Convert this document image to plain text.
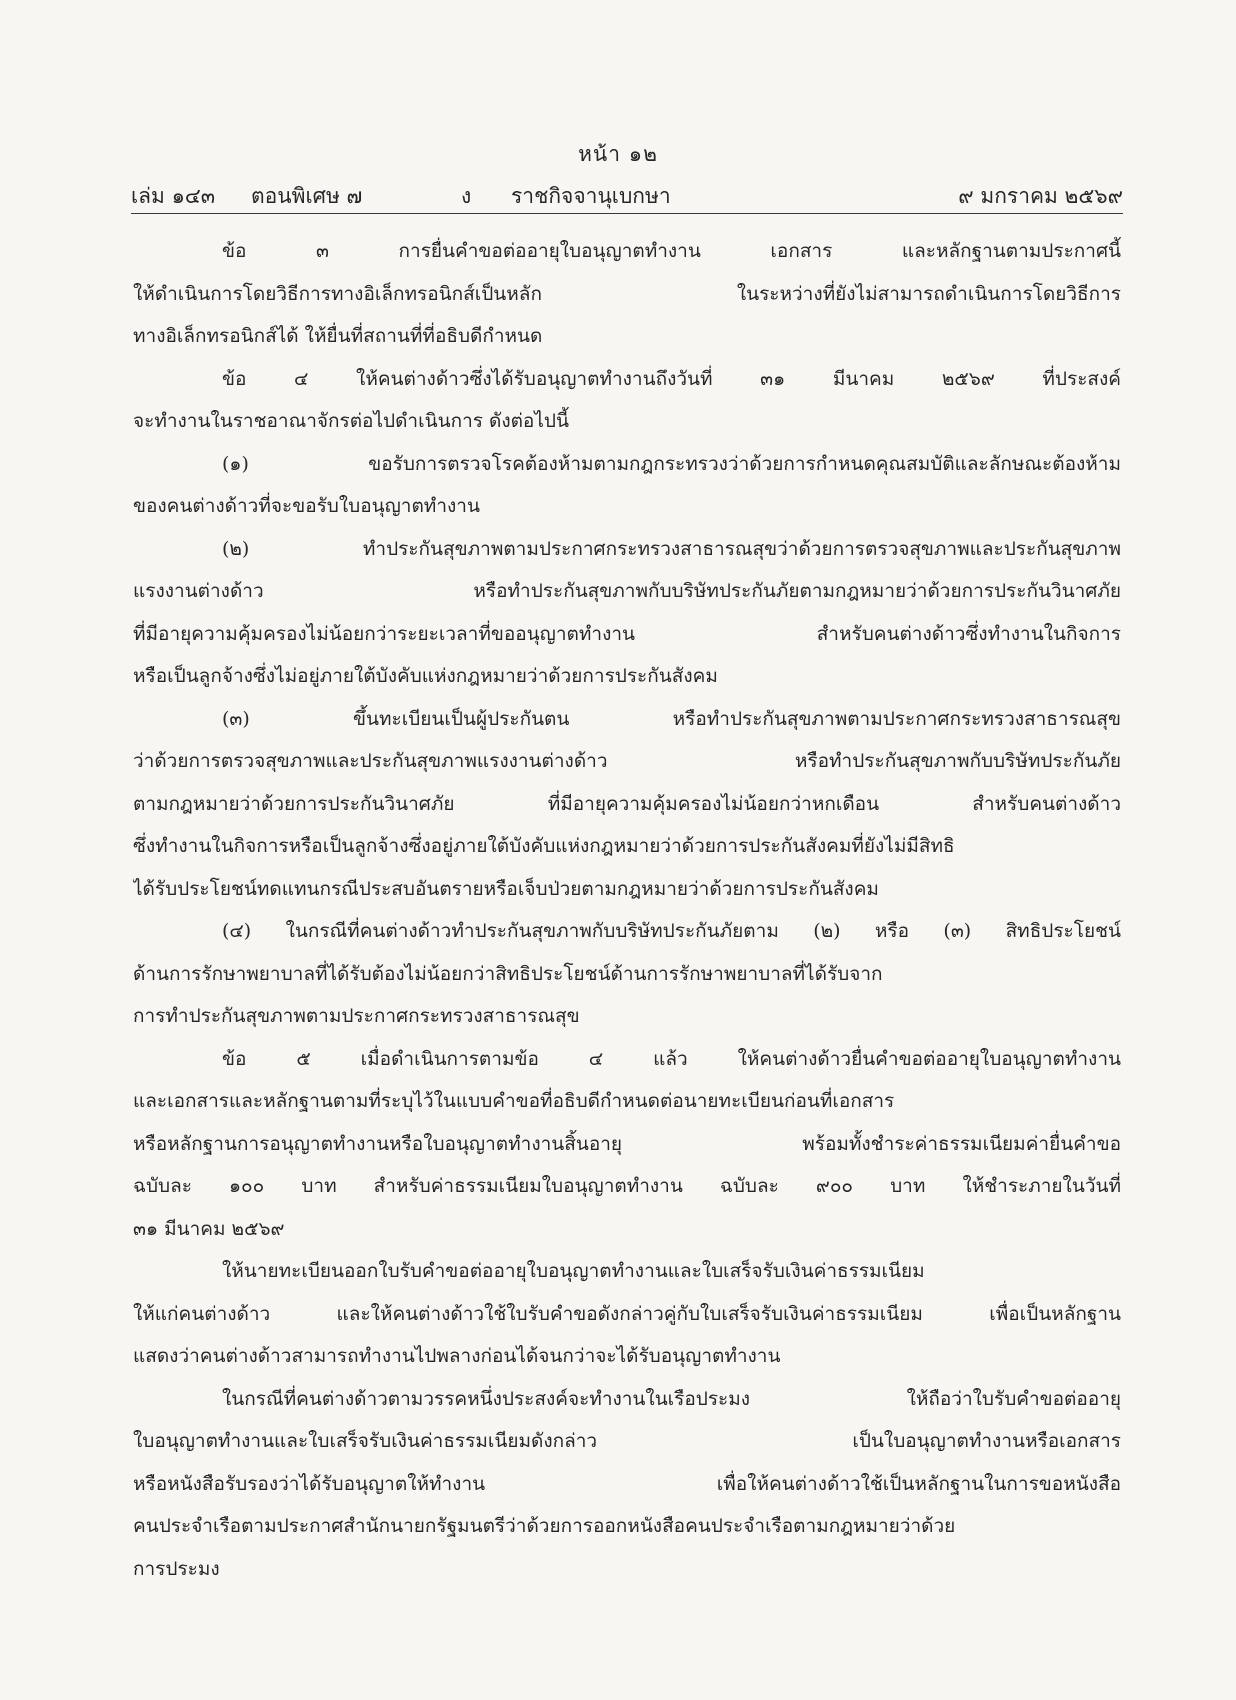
หน้า ๑๒
เล่ม ๑๔๓ ตอนพิเศษ ๗	ง ราชกิจจานุเบกษา	๙ มกราคม ๒๕๖๙
ข้อ ๓ การยื่นคำขอต่ออายุใบอนุญาตทำงาน เอกสาร และหลักฐานตามประกาศนี้
ให้ดำเนินการโดยวิธีการทางอิเล็กทรอนิกส์เป็นหลัก ในระหว่างที่ยังไม่สามารถดำเนินการโดยวิธีการ
ทางอิเล็กทรอนิกส์ได้ ให้ยื่นที่สถานที่ที่อธิบดีกำหนด
ข้อ ๔ ให้คนต่างด้าวซึ่งได้รับอนุญาตทำงานถึงวันที่ ๓๑ มีนาคม ๒๕๖๙ ที่ประสงค์
จะทำงานในราชอาณาจักรต่อไปดำเนินการ ดังต่อไปนี้
(๑) ขอรับการตรวจโรคต้องห้ามตามกฎกระทรวงว่าด้วยการกำหนดคุณสมบัติและลักษณะต้องห้าม
ของคนต่างด้าวที่จะขอรับใบอนุญาตทำงาน
(๒) ทำประกันสุขภาพตามประกาศกระทรวงสาธารณสุขว่าด้วยการตรวจสุขภาพและประกันสุขภาพ
แรงงานต่างด้าว หรือทำประกันสุขภาพกับบริษัทประกันภัยตามกฎหมายว่าด้วยการประกันวินาศภัย
ที่มีอายุความคุ้มครองไม่น้อยกว่าระยะเวลาที่ขออนุญาตทำงาน สำหรับคนต่างด้าวซึ่งทำงานในกิจการ
หรือเป็นลูกจ้างซึ่งไม่อยู่ภายใต้บังคับแห่งกฎหมายว่าด้วยการประกันสังคม
(๓) ขึ้นทะเบียนเป็นผู้ประกันตน หรือทำประกันสุขภาพตามประกาศกระทรวงสาธารณสุข
ว่าด้วยการตรวจสุขภาพและประกันสุขภาพแรงงานต่างด้าว หรือทำประกันสุขภาพกับบริษัทประกันภัย
ตามกฎหมายว่าด้วยการประกันวินาศภัย ที่มีอายุความคุ้มครองไม่น้อยกว่าหกเดือน สำหรับคนต่างด้าว
ซึ่งทำงานในกิจการหรือเป็นลูกจ้างซึ่งอยู่ภายใต้บังคับแห่งกฎหมายว่าด้วยการประกันสังคมที่ยังไม่มีสิทธิ
ได้รับประโยชน์ทดแทนกรณีประสบอันตรายหรือเจ็บป่วยตามกฎหมายว่าด้วยการประกันสังคม
(๔) ในกรณีที่คนต่างด้าวทำประกันสุขภาพกับบริษัทประกันภัยตาม (๒) หรือ (๓) สิทธิประโยชน์
ด้านการรักษาพยาบาลที่ได้รับต้องไม่น้อยกว่าสิทธิประโยชน์ด้านการรักษาพยาบาลที่ได้รับจาก
การทำประกันสุขภาพตามประกาศกระทรวงสาธารณสุข
ข้อ ๕ เมื่อดำเนินการตามข้อ ๔ แล้ว ให้คนต่างด้าวยื่นคำขอต่ออายุใบอนุญาตทำงาน
และเอกสารและหลักฐานตามที่ระบุไว้ในแบบคำขอที่อธิบดีกำหนดต่อนายทะเบียนก่อนที่เอกสาร
หรือหลักฐานการอนุญาตทำงานหรือใบอนุญาตทำงานสิ้นอายุ พร้อมทั้งชำระค่าธรรมเนียมค่ายื่นคำขอ
ฉบับละ ๑๐๐ บาท สำหรับค่าธรรมเนียมใบอนุญาตทำงาน ฉบับละ ๙๐๐ บาท ให้ชำระภายในวันที่
๓๑ มีนาคม ๒๕๖๙
ให้นายทะเบียนออกใบรับคำขอต่ออายุใบอนุญาตทำงานและใบเสร็จรับเงินค่าธรรมเนียม
ให้แก่คนต่างด้าว และให้คนต่างด้าวใช้ใบรับคำขอดังกล่าวคู่กับใบเสร็จรับเงินค่าธรรมเนียม เพื่อเป็นหลักฐาน
แสดงว่าคนต่างด้าวสามารถทำงานไปพลางก่อนได้จนกว่าจะได้รับอนุญาตทำงาน
ในกรณีที่คนต่างด้าวตามวรรคหนึ่งประสงค์จะทำงานในเรือประมง ให้ถือว่าใบรับคำขอต่ออายุ
ใบอนุญาตทำงานและใบเสร็จรับเงินค่าธรรมเนียมดังกล่าว เป็นใบอนุญาตทำงานหรือเอกสาร
หรือหนังสือรับรองว่าได้รับอนุญาตให้ทำงาน เพื่อให้คนต่างด้าวใช้เป็นหลักฐานในการขอหนังสือ
คนประจำเรือตามประกาศสำนักนายกรัฐมนตรีว่าด้วยการออกหนังสือคนประจำเรือตามกฎหมายว่าด้วย
การประมง
